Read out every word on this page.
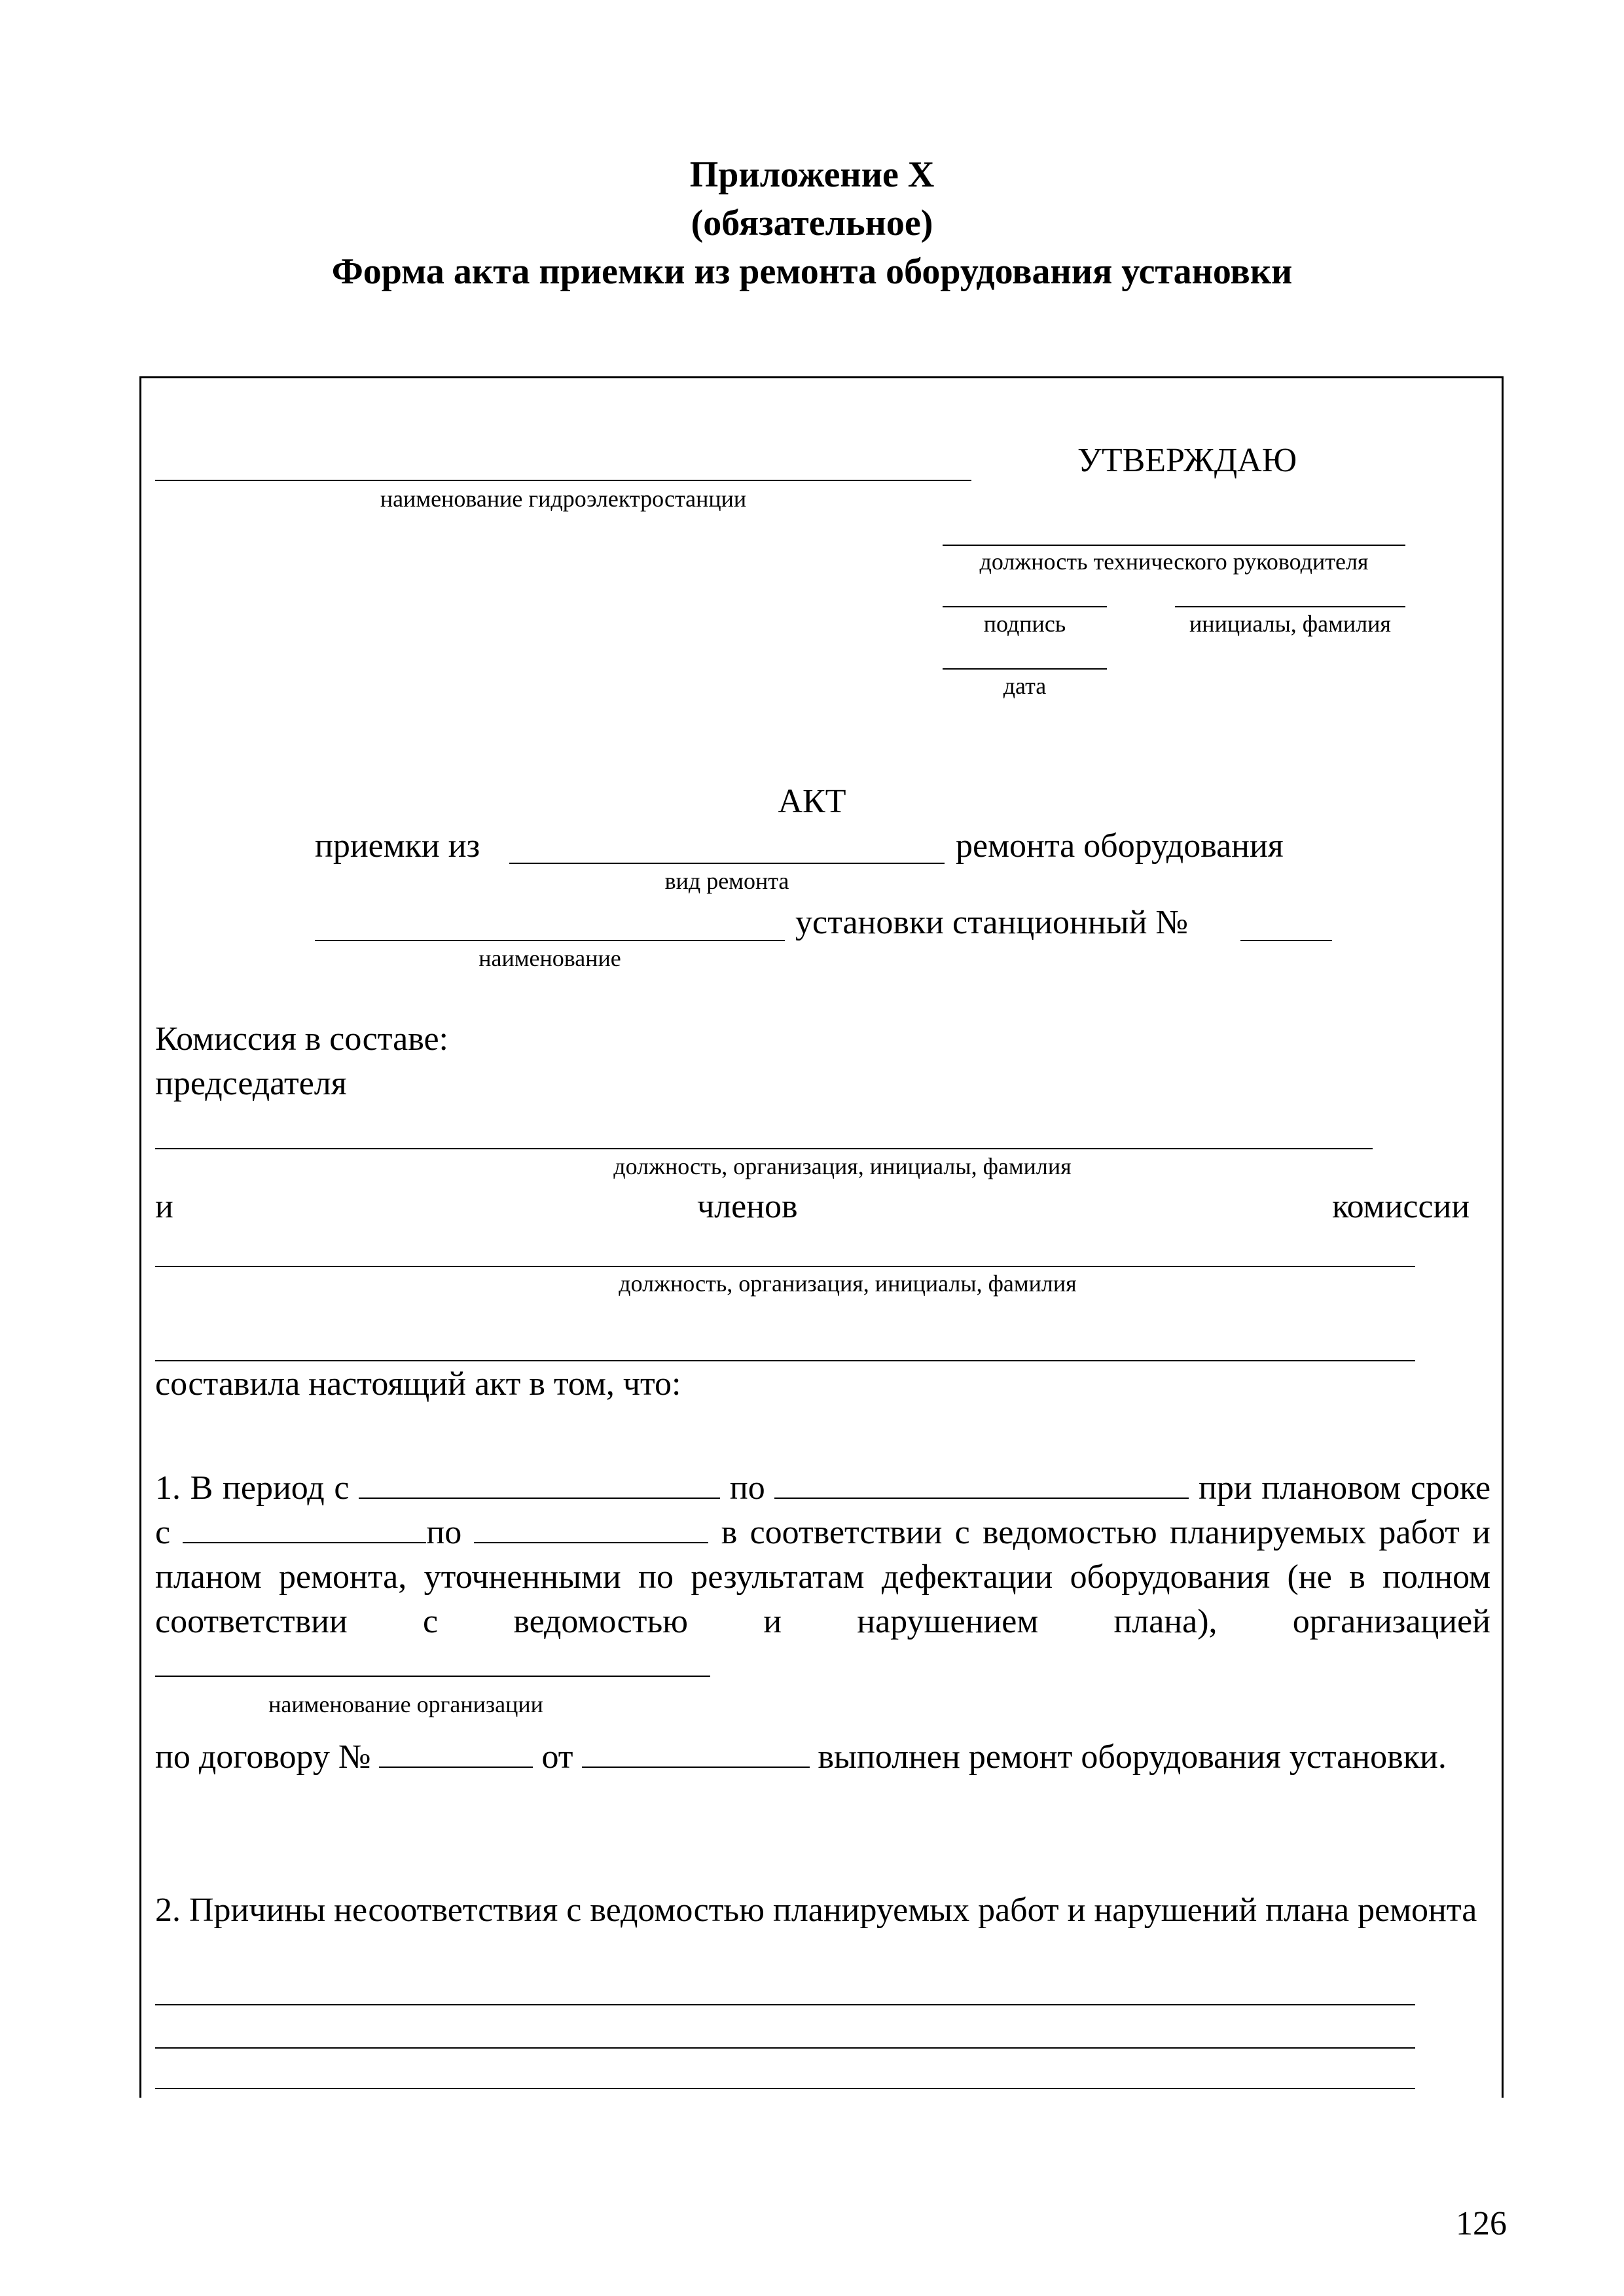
Приложение Х
(обязательное)
Форма акта приемки из ремонта оборудования установки
наименование гидроэлектростанции
УТВЕРЖДАЮ
должность технического руководителя
подпись	инициалы, фамилия
дата
АКТ
приемки из	ремонта оборудования
вид ремонта
установки станционный №
наименование
Комиссия в составе:
председателя
должность, организация, инициалы, фамилия
и	членов	комиссии
должность, организация, инициалы, фамилия
составила настоящий акт в том, что:
1. В период с	по	при плановом сроке с	по	в соответствии с ведомостью планируемых работ и планом ремонта, уточненными по результатам дефектации оборудования (не в полном соответствии с ведомостью и нарушением плана), организацией
наименование организации
по договору №	от	выполнен ремонт оборудования установки.
2. Причины несоответствия с ведомостью планируемых работ и нарушений плана ремонта
126
